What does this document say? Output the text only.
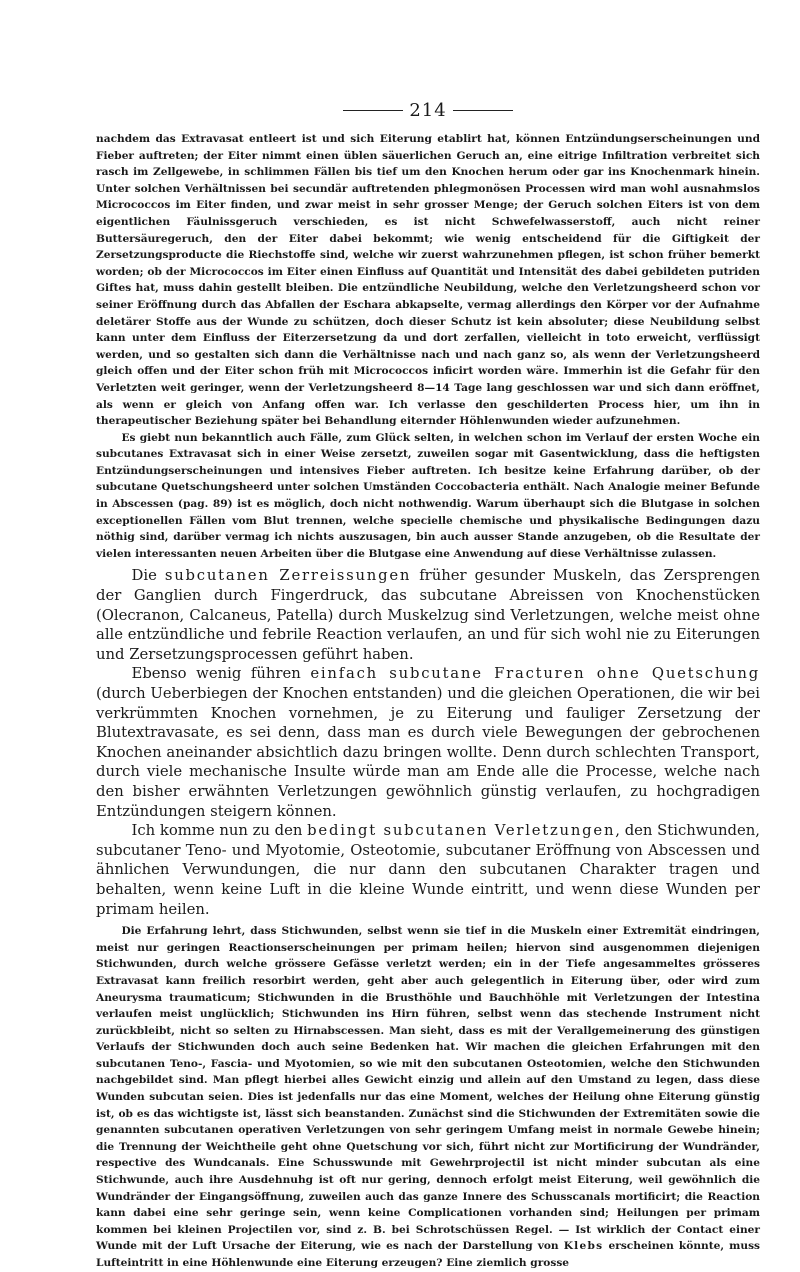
214

nachdem das Extravasat entleert ist und sich Eiterung etablirt hat, können Entzündungserscheinungen und Fieber auftreten; der Eiter nimmt einen üblen säuerlichen Geruch an, eine eitrige Infiltration verbreitet sich rasch im Zellgewebe, in schlimmen Fällen bis tief um den Knochen herum oder gar ins Knochenmark hinein. Unter solchen Verhältnissen bei secundär auftretenden phlegmonösen Processen wird man wohl ausnahmslos Micrococcos im Eiter finden, und zwar meist in sehr grosser Menge; der Geruch solchen Eiters ist von dem eigentlichen Fäulnissgeruch verschieden, es ist nicht Schwefelwasserstoff, auch nicht reiner Buttersäuregeruch, den der Eiter dabei bekommt; wie wenig entscheidend für die Giftigkeit der Zersetzungsproducte die Riechstoffe sind, welche wir zuerst wahrzunehmen pflegen, ist schon früher bemerkt worden; ob der Micrococcos im Eiter einen Einfluss auf Quantität und Intensität des dabei gebildeten putriden Giftes hat, muss dahin gestellt bleiben. Die entzündliche Neubildung, welche den Verletzungsheerd schon vor seiner Eröffnung durch das Abfallen der Eschara abkapselte, vermag allerdings den Körper vor der Aufnahme deletärer Stoffe aus der Wunde zu schützen, doch dieser Schutz ist kein absoluter; diese Neubildung selbst kann unter dem Einfluss der Eiterzersetzung da und dort zerfallen, vielleicht in toto erweicht, verflüssigt werden, und so gestalten sich dann die Verhältnisse nach und nach ganz so, als wenn der Verletzungsheerd gleich offen und der Eiter schon früh mit Micrococcos inficirt worden wäre. Immerhin ist die Gefahr für den Verletzten weit geringer, wenn der Verletzungsheerd 8—14 Tage lang geschlossen war und sich dann eröffnet, als wenn er gleich von Anfang offen war. Ich verlasse den geschilderten Process hier, um ihn in therapeutischer Beziehung später bei Behandlung eiternder Höhlenwunden wieder aufzunehmen.

Es giebt nun bekanntlich auch Fälle, zum Glück selten, in welchen schon im Verlauf der ersten Woche ein subcutanes Extravasat sich in einer Weise zersetzt, zuweilen sogar mit Gasentwicklung, dass die heftigsten Entzündungserscheinungen und intensives Fieber auftreten. Ich besitze keine Erfahrung darüber, ob der subcutane Quetschungsheerd unter solchen Umständen Coccobacteria enthält. Nach Analogie meiner Befunde in Abscessen (pag. 89) ist es möglich, doch nicht nothwendig. Warum überhaupt sich die Blutgase in solchen exceptionellen Fällen vom Blut trennen, welche specielle chemische und physikalische Bedingungen dazu nöthig sind, darüber vermag ich nichts auszusagen, bin auch ausser Stande anzugeben, ob die Resultate der vielen interessanten neuen Arbeiten über die Blutgase eine Anwendung auf diese Verhältnisse zulassen.

Die subcutanen Zerreissungen früher gesunder Muskeln, das Zersprengen der Ganglien durch Fingerdruck, das subcutane Abreissen von Knochenstücken (Olecranon, Calcaneus, Patella) durch Muskelzug sind Verletzungen, welche meist ohne alle entzündliche und febrile Reaction verlaufen, an und für sich wohl nie zu Eiterungen und Zersetzungsprocessen geführt haben.

Ebenso wenig führen einfach subcutane Fracturen ohne Quetschung (durch Ueberbiegen der Knochen entstanden) und die gleichen Operationen, die wir bei verkrümmten Knochen vornehmen, je zu Eiterung und fauliger Zersetzung der Blutextravasate, es sei denn, dass man es durch viele Bewegungen der gebrochenen Knochen aneinander absichtlich dazu bringen wollte. Denn durch schlechten Transport, durch viele mechanische Insulte würde man am Ende alle die Processe, welche nach den bisher erwähnten Verletzungen gewöhnlich günstig verlaufen, zu hochgradigen Entzündungen steigern können.

Ich komme nun zu den bedingt subcutanen Verletzungen, den Stichwunden, subcutaner Teno- und Myotomie, Osteotomie, subcutaner Eröffnung von Abscessen und ähnlichen Verwundungen, die nur dann den subcutanen Charakter tragen und behalten, wenn keine Luft in die kleine Wunde eintritt, und wenn diese Wunden per primam heilen.

Die Erfahrung lehrt, dass Stichwunden, selbst wenn sie tief in die Muskeln einer Extremität eindringen, meist nur geringen Reactionserscheinungen per primam heilen; hiervon sind ausgenommen diejenigen Stichwunden, durch welche grössere Gefässe verletzt werden; ein in der Tiefe angesammeltes grösseres Extravasat kann freilich resorbirt werden, geht aber auch gelegentlich in Eiterung über, oder wird zum Aneurysma traumaticum; Stichwunden in die Brusthöhle und Bauchhöhle mit Verletzungen der Intestina verlaufen meist unglücklich; Stichwunden ins Hirn führen, selbst wenn das stechende Instrument nicht zurückbleibt, nicht so selten zu Hirnabscessen. Man sieht, dass es mit der Verallgemeinerung des günstigen Verlaufs der Stichwunden doch auch seine Bedenken hat. Wir machen die gleichen Erfahrungen mit den subcutanen Teno-, Fascia- und Myotomien, so wie mit den subcutanen Osteotomien, welche den Stichwunden nachgebildet sind. Man pflegt hierbei alles Gewicht einzig und allein auf den Umstand zu legen, dass diese Wunden subcutan seien. Dies ist jedenfalls nur das eine Moment, welches der Heilung ohne Eiterung günstig ist, ob es das wichtigste ist, lässt sich beanstanden. Zunächst sind die Stichwunden der Extremitäten sowie die genannten subcutanen operativen Verletzungen von sehr geringem Umfang meist in normale Gewebe hinein; die Trennung der Weichtheile geht ohne Quetschung vor sich, führt nicht zur Mortificirung der Wundränder, respective des Wundcanals. Eine Schusswunde mit Gewehrprojectil ist nicht minder subcutan als eine Stichwunde, auch ihre Ausdehnuhg ist oft nur gering, dennoch erfolgt meist Eiterung, weil gewöhnlich die Wundränder der Eingangsöffnung, zuweilen auch das ganze Innere des Schusscanals mortificirt; die Reaction kann dabei eine sehr geringe sein, wenn keine Complicationen vorhanden sind; Heilungen per primam kommen bei kleinen Projectilen vor, sind z. B. bei Schrotschüssen Regel. — Ist wirklich der Contact einer Wunde mit der Luft Ursache der Eiterung, wie es nach der Darstellung von Klebs erscheinen könnte, muss Lufteintritt in eine Höhlenwunde eine Eiterung erzeugen? Eine ziemlich grosse
